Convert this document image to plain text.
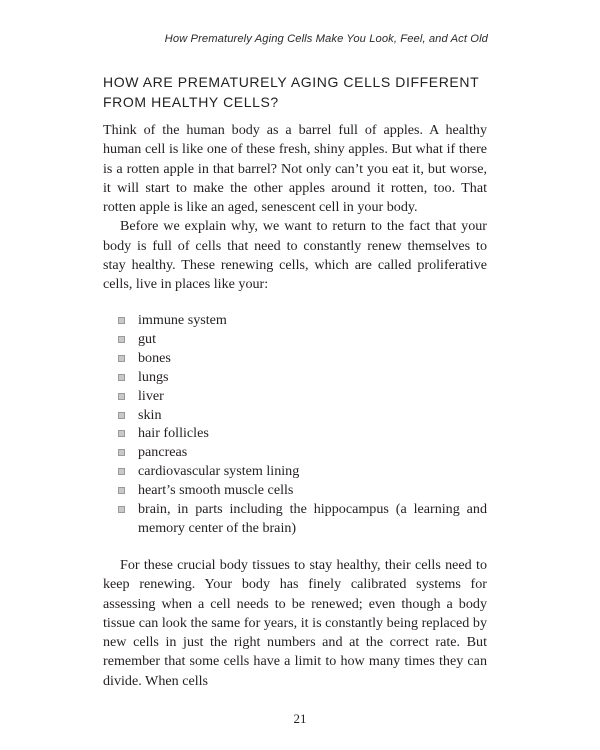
How Prematurely Aging Cells Make You Look, Feel, and Act Old
HOW ARE PREMATURELY AGING CELLS DIFFERENT FROM HEALTHY CELLS?

Think of the human body as a barrel full of apples. A healthy human cell is like one of these fresh, shiny apples. But what if there is a rotten apple in that barrel? Not only can’t you eat it, but worse, it will start to make the other apples around it rotten, too. That rotten apple is like an aged, senescent cell in your body.

Before we explain why, we want to return to the fact that your body is full of cells that need to constantly renew themselves to stay healthy. These renewing cells, which are called proliferative cells, live in places like your:

immune system
gut
bones
lungs
liver
skin
hair follicles
pancreas
cardiovascular system lining
heart’s smooth muscle cells
brain, in parts including the hippocampus (a learning and memory center of the brain)

For these crucial body tissues to stay healthy, their cells need to keep renewing. Your body has finely calibrated systems for assessing when a cell needs to be renewed; even though a body tissue can look the same for years, it is constantly being replaced by new cells in just the right numbers and at the correct rate. But remember that some cells have a limit to how many times they can divide. When cells

21
